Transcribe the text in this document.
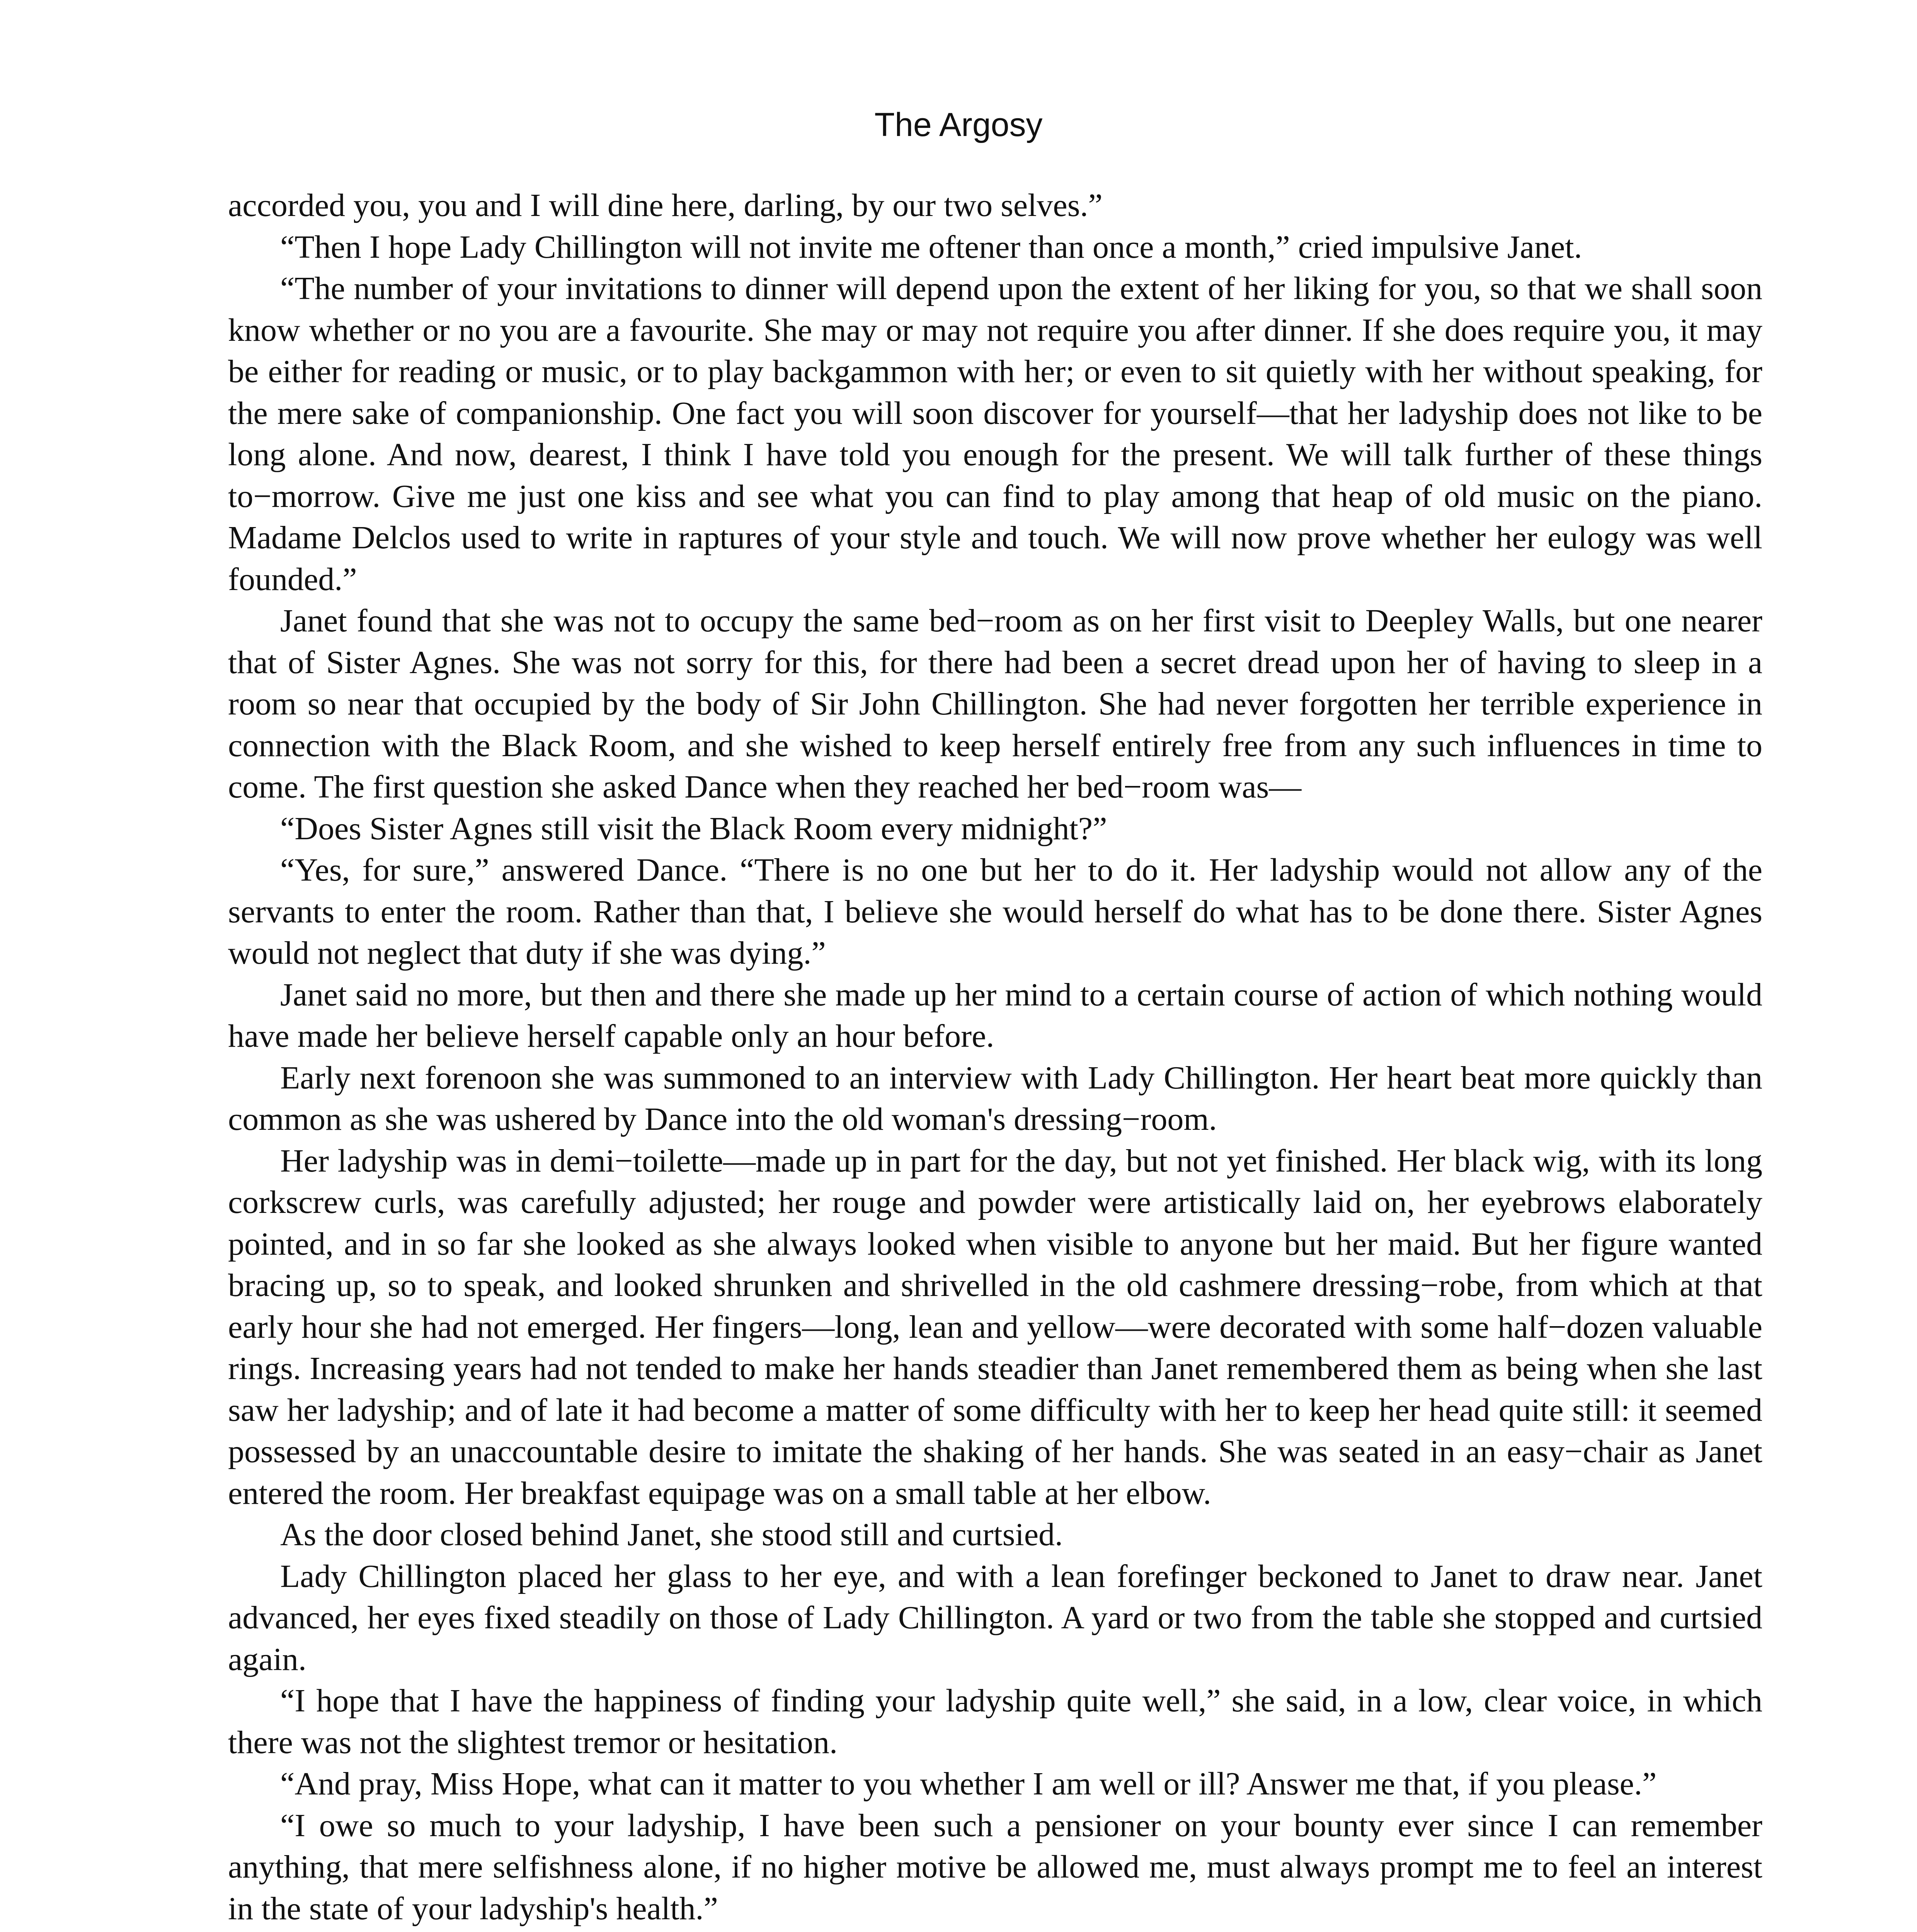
The Argosy

accorded you, you and I will dine here, darling, by our two selves.”

“Then I hope Lady Chillington will not invite me oftener than once a month,” cried impulsive Janet.

“The number of your invitations to dinner will depend upon the extent of her liking for you, so that we shall soon know whether or no you are a favourite. She may or may not require you after dinner. If she does require you, it may be either for reading or music, or to play backgammon with her; or even to sit quietly with her without speaking, for the mere sake of companionship. One fact you will soon discover for yourself—that her ladyship does not like to be long alone. And now, dearest, I think I have told you enough for the present. We will talk further of these things to−morrow. Give me just one kiss and see what you can find to play among that heap of old music on the piano. Madame Delclos used to write in raptures of your style and touch. We will now prove whether her eulogy was well founded.”

Janet found that she was not to occupy the same bed−room as on her first visit to Deepley Walls, but one nearer that of Sister Agnes. She was not sorry for this, for there had been a secret dread upon her of having to sleep in a room so near that occupied by the body of Sir John Chillington. She had never forgotten her terrible experience in connection with the Black Room, and she wished to keep herself entirely free from any such influences in time to come. The first question she asked Dance when they reached her bed−room was—

“Does Sister Agnes still visit the Black Room every midnight?”

“Yes, for sure,” answered Dance. “There is no one but her to do it. Her ladyship would not allow any of the servants to enter the room. Rather than that, I believe she would herself do what has to be done there. Sister Agnes would not neglect that duty if she was dying.”

Janet said no more, but then and there she made up her mind to a certain course of action of which nothing would have made her believe herself capable only an hour before.

Early next forenoon she was summoned to an interview with Lady Chillington. Her heart beat more quickly than common as she was ushered by Dance into the old woman's dressing−room.

Her ladyship was in demi−toilette—made up in part for the day, but not yet finished. Her black wig, with its long corkscrew curls, was carefully adjusted; her rouge and powder were artistically laid on, her eyebrows elaborately pointed, and in so far she looked as she always looked when visible to anyone but her maid. But her figure wanted bracing up, so to speak, and looked shrunken and shrivelled in the old cashmere dressing−robe, from which at that early hour she had not emerged. Her fingers—long, lean and yellow—were decorated with some half−dozen valuable rings. Increasing years had not tended to make her hands steadier than Janet remembered them as being when she last saw her ladyship; and of late it had become a matter of some difficulty with her to keep her head quite still: it seemed possessed by an unaccountable desire to imitate the shaking of her hands. She was seated in an easy−chair as Janet entered the room. Her breakfast equipage was on a small table at her elbow.

As the door closed behind Janet, she stood still and curtsied.

Lady Chillington placed her glass to her eye, and with a lean forefinger beckoned to Janet to draw near. Janet advanced, her eyes fixed steadily on those of Lady Chillington. A yard or two from the table she stopped and curtsied again.

“I hope that I have the happiness of finding your ladyship quite well,” she said, in a low, clear voice, in which there was not the slightest tremor or hesitation.

“And pray, Miss Hope, what can it matter to you whether I am well or ill? Answer me that, if you please.”

“I owe so much to your ladyship, I have been such a pensioner on your bounty ever since I can remember anything, that mere selfishness alone, if no higher motive be allowed me, must always prompt me to feel an interest in the state of your ladyship's health.”
